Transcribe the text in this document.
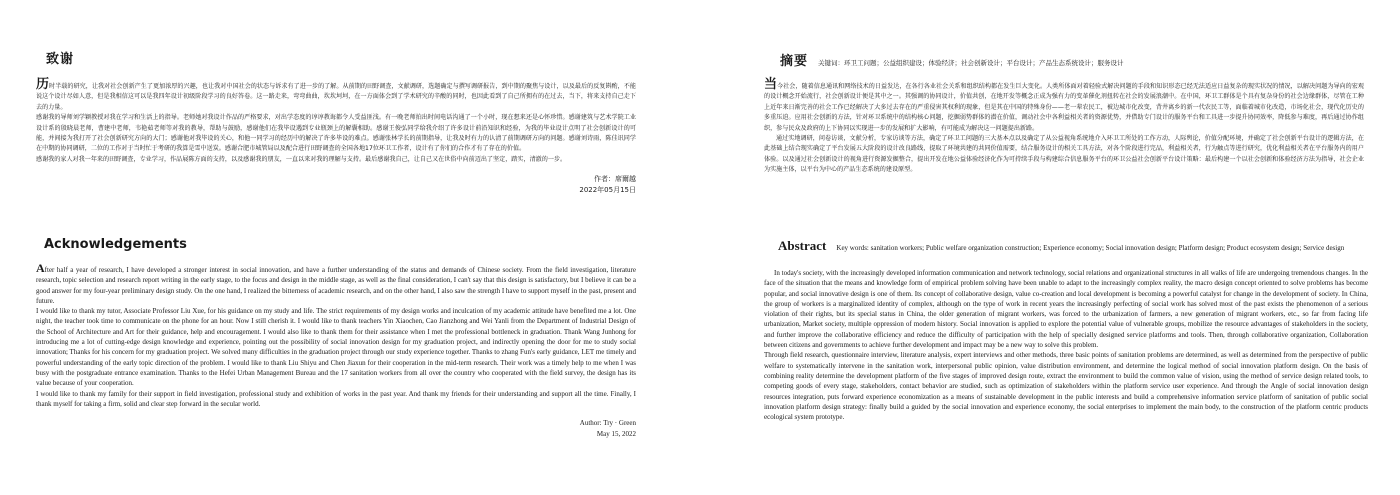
致谢

历时半载的研究，让我对社会创新产生了更加浓厚的兴趣，也让我对中国社会的状态与诉求有了进一步的了解。从前期的田野调查，文献调研，选题确定与撰写调研报告，到中期的聚焦与设计，以及最后的反复斟酌，不能说这个设计尽如人意，但是我相信这可以是我四年设计初级阶段学习的良好答卷。这一路走来，弯弯曲曲，坎坎坷坷，在一方面体会到了学术研究的辛酸的同时，也因此看到了自己所拥有的在过去，当下，将来支持自己走下去的力量。

感谢我的导师刘学颖教授对我在学习和生活上的指导。老师她对我设计作品的严格要求，对出学态度的谆谆教诲都令人受益匪浅。有一晚老师拍出时间电话沟通了一个小时，现在想来还是心怀珍惜。感谢建筑与艺术学院工业设计系的殷晓晨老师，曹建中老师，韦艳茹老师等对我的教导，帮助与鼓励，感谢他们在我毕设遇到专业瓶颈上的解囊相助。感谢王俊弘同学给我介绍了许多设计前沿知识和经验，为我的毕业设计点明了社会创新设计的可能，并间接为我打开了社会创新研究方向的大门；感谢他对我毕设的关心，和他一同学习的经历中的解决了许多毕设的难点。感谢张林学长的前期指导，让我及时有力的认清了前期调研方向的问题。感谢刘诗雨，陈佳讯同学在中期的协同调研，二位的工作对于当时忙于考研的我算是雪中送炭。感谢合肥市城管局以及配合进行田野调查的全国各地17位环卫工作者，设计有了你们的合作才有了存在的价值。

感谢我的家人对我一年来的田野调查，专业学习，作品展陈方面的支持，以及感谢我的朋友，一直以来对我的理解与支持。最后感谢我自己，让自己又在世俗中向前迈出了坚定，踏实，清澈的一步。

作者：席爾越
2022年05月15日
摘要 关键词：环卫工问题；公益组织建设；体验经济；社会创新设计；平台设计；产品生态系统设计；服务设计

当今社会，随着信息通讯和网络技术的日益发达，在各行各业社会关系和组织结构都在发生巨大变化。人类所体面对着轻验式解决问题的手段和知识形态已经无法适应日益复杂的现实状况的情况，以解决问题为导向的宏观的设计概念开始流行，社会创新设计便是其中之一。其强调的协同设计，价值共创，在地开发等概念正成为强有力的变革催化剂扭转在社会的发展浪潮中。在中国，环卫工群体是个具有复杂身份的社会边缘群体，尽管在工种上近年来日渐完善的社会工作已经解决了大多过去存在的严重侵害其权利的现象，但是其在中国的特殊身份——老一辈农民工，被边城市化改变，背井离乡的新一代农民工等，面临着城市化改造，市场化社会，现代化历史的多重压迫。应用社会创新的方法，针对环卫系统中的结构核心问题，挖掘弱势群体的潜在价值，调动社会中各利益相关者的资源优势，并借助专门设计的服务平台和工具进一步提升协同效率，降低参与难度，再后通过协作组织，参与民众及政府的上下协同以实现进一步的发展和扩大影响，有可能成为解决这一问题提出新路。

通过实地调研，问卷访谈，文献分析，专家访谈等方法，确定了环卫工问题的三大基本点以及确定了从公益视角系统地介入环卫工所处的工作方动，人际舆论，价值分配环境，并确定了社会创新平台设计的逻辑方法，在此基础上结合现实确定了平台发展五大阶段的设计改良路线，提取了环境共建的共同价值需要，结合服务设计的相关工具方法，对各个阶段进行完品，利益相关者，行为触点等进行研究，优化利益相关者在平台服务内的用户体验。以及通过社会创新设计的视角进行资源发掘整合，提出开发在地公益体验经济化作为可持续手段与构建综合信息服务平台的环卫公益社会创新平台设计策略：最后构建一个以社会创新和体验经济方法为指导，社会企业为实施主体，以平台为中心的产品生态系统的建设原型。

Acknowledgements

After half a year of research, I have developed a stronger interest in social innovation, and have a further understanding of the status and demands of Chinese society. From the field investigation, literature research, topic selection and research report writing in the early stage, to the focus and design in the middle stage, as well as the final consideration, I can't say that this design is satisfactory, but I believe it can be a good answer for my four-year preliminary design study. On the one hand, I realized the bitterness of academic research, and on the other hand, I also saw the strength I have to support myself in the past, present and future.

I would like to thank my tutor, Associate Professor Liu Xue, for his guidance on my study and life. The strict requirements of my design works and inculcation of my academic attitude have benefited me a lot. One night, the teacher took time to communicate on the phone for an hour. Now I still cherish it. I would like to thank teachers Yin Xiaochen, Cao Jianzhong and Wei Yanli from the Department of Industrial Design of the School of Architecture and Art for their guidance, help and encouragement. I would also like to thank them for their assistance when I met the professional bottleneck in graduation. Thank Wang Junhong for introducing me a lot of cutting-edge design knowledge and experience, pointing out the possibility of social innovation design for my graduation project, and indirectly opening the door for me to study social innovation; Thanks for his concern for my graduation project. We solved many difficulties in the graduation project through our study experience together. Thanks to zhang Fun's early guidance, LET me timely and powerful understanding of the early topic direction of the problem. I would like to thank Liu Shiyu and Chen Jiaxun for their cooperation in the mid-term research. Their work was a timely help to me when I was busy with the postgraduate entrance examination. Thanks to the Hefei Urban Management Bureau and the 17 sanitation workers from all over the country who cooperated with the field survey, the design has its value because of your cooperation.

I would like to thank my family for their support in field investigation, professional study and exhibition of works in the past year. And thank my friends for their understanding and support all the time. Finally, I thank myself for taking a firm, solid and clear step forward in the secular world.

Author: Try · Green
May 15, 2022
Abstract Key words: sanitation workers; Public welfare organization construction; Experience economy; Social innovation design; Platform design; Product ecosystem design; Service design

In today's society, with the increasingly developed information communication and network technology, social relations and organizational structures in all walks of life are undergoing tremendous changes. In the face of the situation that the means and knowledge form of empirical problem solving have been unable to adapt to the increasingly complex reality, the macro design concept oriented to solve problems has become popular, and social innovative design is one of them. Its concept of collaborative design, value co-creation and local development is becoming a powerful catalyst for change in the development of society. In China, the group of workers is a marginalized identity of complex, although on the type of work in recent years the increasingly perfecting of social work has solved most of the past exists the phenomenon of a serious violation of their rights, but its special status in China, the older generation of migrant workers, was forced to the urbanization of farmers, a new generation of migrant workers, etc., so far from facing life urbanization, Market society, multiple oppression of modern history. Social innovation is applied to explore the potential value of vulnerable groups, mobilize the resource advantages of stakeholders in the society, and further improve the collaborative efficiency and reduce the difficulty of participation with the help of specially designed service platforms and tools. Then, through collaborative organization, Collaboration between citizens and governments to achieve further development and impact may be a new way to solve this problem.

Through field research, questionnaire interview, literature analysis, expert interviews and other methods, three basic points of sanitation problems are determined, as well as determined from the perspective of public welfare to systematically intervene in the sanitation work, interpersonal public opinion, value distribution environment, and determine the logical method of social innovation platform design. On the basis of combining reality determine the development platform of the five stages of improved design route, extract the environment to build the common value of vision, using the method of service design related tools, to competing goods of every stage, stakeholders, contact behavior are studied, such as optimization of stakeholders within the platform service user experience. And through the Angle of social innovation design resources integration, puts forward experience economization as a means of sustainable development in the public interests and build a comprehensive information service platform of sanitation of public social innovation platform design strategy: finally build a guided by the social innovation and experience economy, the social enterprises to implement the main body, to the construction of the platform centric products ecological system prototype.
